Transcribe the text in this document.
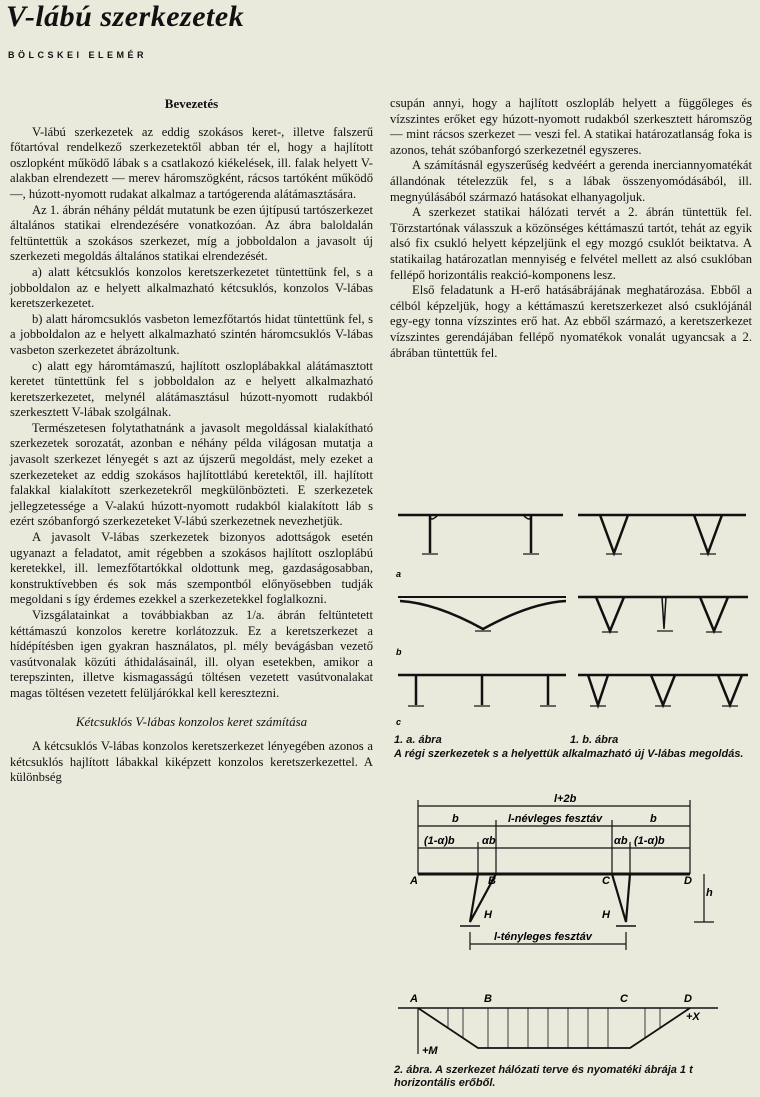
V-lábú szerkezetek
BÖLCSKEI ELEMÉR
Bevezetés

V-lábú szerkezetek az eddig szokásos keret-, illetve falszerű főtartóval rendelkező szerkezetektől abban tér el, hogy a hajlított oszlopként működő lábak s a csatlakozó kiékelések, ill. falak helyett V-alakban elrendezett — merev háromszögként, rácsos tartóként működő —, húzott-nyomott rudakat alkalmaz a tartógerenda alátámasztására.

Az 1. ábrán néhány példát mutatunk be ezen újtípusú tartószerkezet általános statikai elrendezésére vonatkozóan. Az ábra baloldalán feltüntettük a szokásos szerkezet, míg a jobboldalon a javasolt új szerkezeti megoldás általános statikai elrendezését.

a) alatt kétcsuklós konzolos keretszerkezetet tüntettünk fel, s a jobboldalon az e helyett alkalmazható kétcsuklós, konzolos V-lábas keretszerkezetet.

b) alatt háromcsuklós vasbeton lemezfőtartós hidat tüntettünk fel, s a jobboldalon az e helyett alkalmazható szintén háromcsuklós V-lábas vasbeton szerkezetet ábrázoltunk.

c) alatt egy háromtámaszú, hajlított oszloplábakkal alátámasztott keretet tüntettünk fel s jobboldalon az e helyett alkalmazható keretszerkezetet, melynél alátámasztásul húzott-nyomott rudakból szerkesztett V-lábak szolgálnak.

Természetesen folytathatnánk a javasolt megoldással kialakítható szerkezetek sorozatát, azonban e néhány példa világosan mutatja a javasolt szerkezet lényegét s azt az újszerű megoldást, mely ezeket a szerkezeteket az eddig szokásos hajlítottlábú keretektől, ill. hajlított falakkal kialakított szerkezetekről megkülönbözteti. E szerkezetek jellegzetessége a V-alakú húzott-nyomott rudakból kialakított láb s ezért szóbanforgó szerkezeteket V-lábú szerkezetnek nevezhetjük.

A javasolt V-lábas szerkezetek bizonyos adottságok esetén ugyanazt a feladatot, amit régebben a szokásos hajlított oszloplábú keretekkel, ill. lemezfőtartókkal oldottunk meg, gazdaságosabban, konstruktívebben és sok más szempontból előnyösebben tudják megoldani s így érdemes ezekkel a szerkezetekkel foglalkozni.

Vizsgálatainkat a továbbiakban az 1/a. ábrán feltüntetett kéttámaszú konzolos keretre korlátozzuk. Ez a keretszerkezet a hídépítésben igen gyakran használatos, pl. mély bevágásban vezető vasútvonalak közúti áthidalásainál, ill. olyan esetekben, amikor a terepszinten, illetve kismagasságú töltésen vezetett vasútvonalakat magas töltésen vezetett felüljárókkal kell keresztezni.

Kétcsuklós V-lábas konzolos keret számítása

A kétcsuklós V-lábas konzolos keretszerkezet lényegében azonos a kétcsuklós hajlított lábakkal kiképzett konzolos keretszerkezettel. A különbség

csupán annyi, hogy a hajlított oszlopláb helyett a függőleges és vízszintes erőket egy húzott-nyomott rudakból szerkesztett háromszög — mint rácsos szerkezet — veszi fel. A statikai határozatlanság foka is azonos, tehát szóbanforgó szerkezetnél egyszeres.

A számításnál egyszerűség kedvéért a gerenda inerciannyomatékát állandónak tételezzük fel, s a lábak összenyomódásából, ill. megnyúlásából származó hatásokat elhanyagoljuk.

A szerkezet statikai hálózati tervét a 2. ábrán tüntettük fel. Törzstartónak válasszuk a közönséges kéttámaszú tartót, tehát az egyik alsó fix csukló helyett képzeljünk el egy mozgó csuklót beiktatva. A statikailag határozatlan mennyiség e felvétel mellett az alsó csuklóban fellépő horizontális reakció-komponens lesz.

Első feladatunk a H-erő hatásábrájának meghatározása. Ebből a célból képzeljük, hogy a kéttámaszú keretszerkezet alsó csuklójánál egy-egy tonna vízszintes erő hat. Az ebből származó, a keretszerkezet vízszintes gerendájában fellépő nyomatékok vonalát ugyancsak a 2. ábrában tüntettük fel.

a
b
c
1. a. ábra	1. b. ábra
A régi szerkezetek s a helyettük alkalmazható új V-lábas megoldás.
l+2b
b	l-névleges fesztáv	b
(1-α)b αb	αb (1-α)b
h
l-tényleges fesztáv
A	B	C	D
H	H
A	B	C	D
+X
+M
2. ábra. A szerkezet hálózati terve és nyomatéki ábrája 1 t horizontális erőből.
